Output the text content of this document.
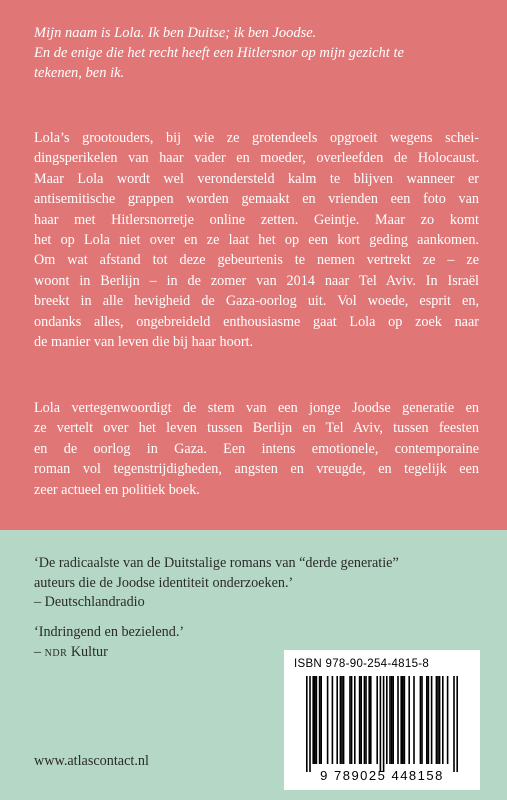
Mijn naam is Lola. Ik ben Duitse; ik ben Joodse.
En de enige die het recht heeft een Hitlersnor op mijn gezicht te
tekenen, ben ik.
Lola’s grootouders, bij wie ze grotendeels opgroeit wegens schei-
dingsperikelen van haar vader en moeder, overleefden de Holocaust.
Maar Lola wordt wel verondersteld kalm te blijven wanneer er
antisemitische grappen worden gemaakt en vrienden een foto van
haar met Hitlersnorretje online zetten. Geintje. Maar zo komt
het op Lola niet over en ze laat het op een kort geding aankomen.
Om wat afstand tot deze gebeurtenis te nemen vertrekt ze – ze
woont in Berlijn – in de zomer van 2014 naar Tel Aviv. In Israël
breekt in alle hevigheid de Gaza-oorlog uit. Vol woede, esprit en,
ondanks alles, ongebreideld enthousiasme gaat Lola op zoek naar
de manier van leven die bij haar hoort.
Lola vertegenwoordigt de stem van een jonge Joodse generatie en
ze vertelt over het leven tussen Berlijn en Tel Aviv, tussen feesten
en de oorlog in Gaza. Een intens emotionele, contemporaine
roman vol tegenstrijdigheden, angsten en vreugde, en tegelijk een
zeer actueel en politiek boek.
‘De radicaalste van de Duitstalige romans van “derde generatie”
auteurs die de Joodse identiteit onderzoeken.’
– Deutschlandradio
‘Indringend en bezielend.’
– ndr Kultur
www.atlascontact.nl
ISBN 978-90-254-4815-8
9 789025 448158
